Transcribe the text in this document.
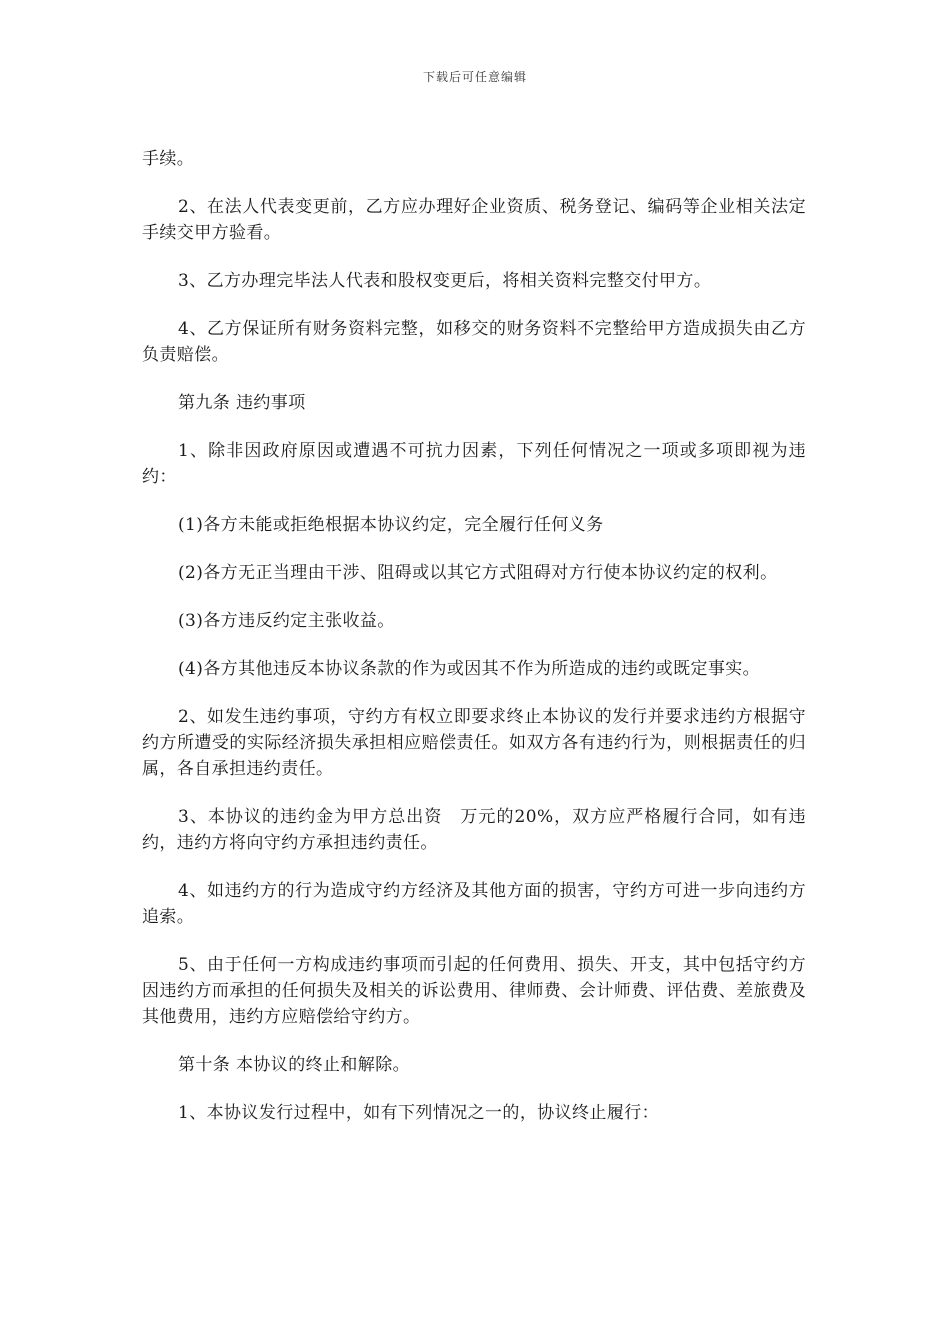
下载后可任意编辑

手续。

2、在法人代表变更前，乙方应办理好企业资质、税务登记、编码等企业相关法定手续交甲方验看。

3、乙方办理完毕法人代表和股权变更后，将相关资料完整交付甲方。

4、乙方保证所有财务资料完整，如移交的财务资料不完整给甲方造成损失由乙方负责赔偿。

第九条 违约事项

1、除非因政府原因或遭遇不可抗力因素，下列任何情况之一项或多项即视为违约：

(1)各方未能或拒绝根据本协议约定，完全履行任何义务

(2)各方无正当理由干涉、阻碍或以其它方式阻碍对方行使本协议约定的权利。

(3)各方违反约定主张收益。

(4)各方其他违反本协议条款的作为或因其不作为所造成的违约或既定事实。

2、如发生违约事项，守约方有权立即要求终止本协议的发行并要求违约方根据守约方所遭受的实际经济损失承担相应赔偿责任。如双方各有违约行为，则根据责任的归属，各自承担违约责任。

3、本协议的违约金为甲方总出资　万元的20%，双方应严格履行合同，如有违约，违约方将向守约方承担违约责任。

4、如违约方的行为造成守约方经济及其他方面的损害，守约方可进一步向违约方追索。

5、由于任何一方构成违约事项而引起的任何费用、损失、开支，其中包括守约方因违约方而承担的任何损失及相关的诉讼费用、律师费、会计师费、评估费、差旅费及其他费用，违约方应赔偿给守约方。

第十条 本协议的终止和解除。

1、本协议发行过程中，如有下列情况之一的，协议终止履行：
